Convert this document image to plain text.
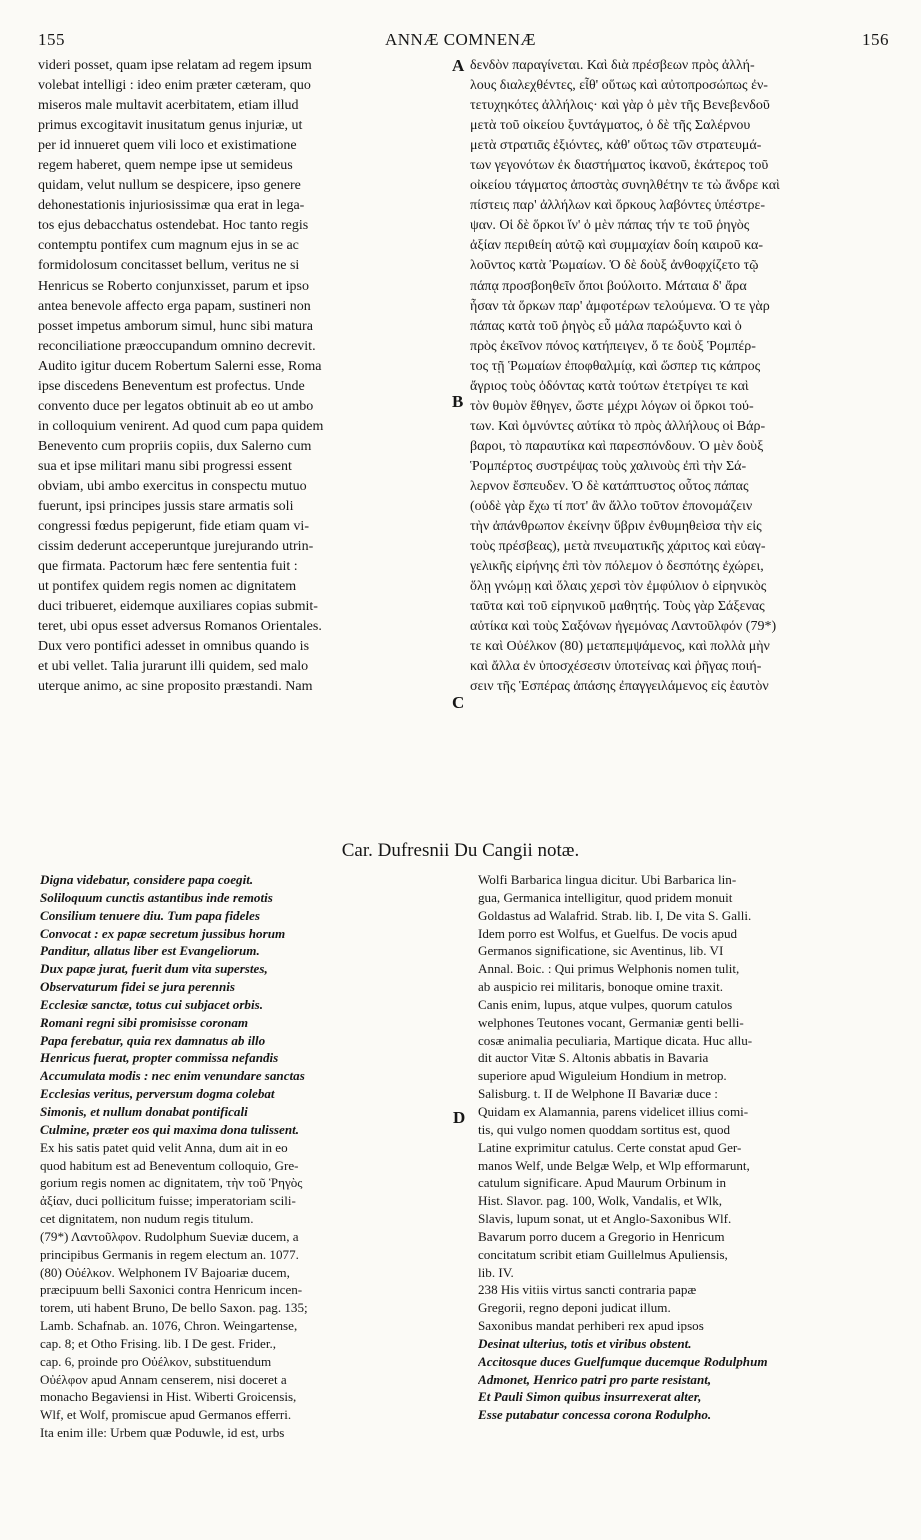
155	ANNÆ COMNENÆ	156
videri posset, quam ipse relatam ad regem ipsum
volebat intelligi : ideo enim præter cæteram, quo
miseros male multavit acerbitatem, etiam illud
primus excogitavit inusitatum genus injuriæ, ut
per id innueret quem vili loco et existimatione
regem haberet, quem nempe ipse ut semideus
quidam, velut nullum se despicere, ipso genere
dehonestationis injuriosissimæ qua erat in lega-
tos ejus debacchatus ostendebat. Hoc tanto regis
contemptu pontifex cum magnum ejus in se ac
formidolosum concitasset bellum, veritus ne si
Henricus se Roberto conjunxisset, parum et ipso
antea benevole affecto erga papam, sustineri non
posset impetus amborum simul, hunc sibi matura
reconciliatione præoccupandum omnino decrevit.
Audito igitur ducem Robertum Salerni esse, Roma
ipse discedens Beneventum est profectus. Unde
convento duce per legatos obtinuit ab eo ut ambo
in colloquium venirent. Ad quod cum papa quidem
Benevento cum propriis copiis, dux Salerno cum
sua et ipse militari manu sibi progressi essent
obviam, ubi ambo exercitus in conspectu mutuo
fuerunt, ipsi principes jussis stare armatis soli
congressi fœdus pepigerunt, fide etiam quam vi-
cissim dederunt acceperuntque jurejurando utrin-
que firmata. Pactorum hæc fere sententia fuit :
ut pontifex quidem regis nomen ac dignitatem
duci tribueret, eidemque auxiliares copias submit-
teret, ubi opus esset adversus Romanos Orientales.
Dux vero pontifici adesset in omnibus quando is
et ubi vellet. Talia jurarunt illi quidem, sed malo
uterque animo, ac sine proposito præstandi. Nam
δενδὸν παραγίνεται. Καὶ διὰ πρέσβεων πρὸς ἀλλή-
λους διαλεχθέντες, εἶθ' οὕτως καὶ αὐτοπροσώπως ἐν-
τετυχηκότες ἀλλήλοις· καὶ γὰρ ὁ μὲν τῆς Βενεβενδοῦ
μετὰ τοῦ οἰκείου ξυντάγματος, ὁ δὲ τῆς Σαλέρνου
μετὰ στρατιᾶς ἐξιόντες, κἀθ' οὕτως τῶν στρατευμά-
των γεγονότων ἐκ διαστήματος ἱκανοῦ, ἑκάτερος τοῦ
οἰκείου τάγματος ἀποστὰς συνηλθέτην τε τὼ ἄνδρε καὶ
πίστεις παρ' ἀλλήλων καὶ ὅρκους λαβόντες ὑπέστρε-
ψαν. Οἱ δὲ ὅρκοι ἵν' ὁ μὲν πάπας τήν τε τοῦ ῥηγὸς
ἀξίαν περιθείη αὐτῷ καὶ συμμαχίαν δοίη καιροῦ κα-
λοῦντος κατὰ Ῥωμαίων. Ὁ δὲ δοὺξ ἀνθοφχίζετο τῷ
πάπᾳ προσβοηθεῖν ὅποι βούλοιτο. Μάταια δ' ἄρα
ἦσαν τὰ ὅρκων παρ' ἀμφοτέρων τελούμενα. Ὁ τε γὰρ
πάπας κατὰ τοῦ ῥηγὸς εὖ μάλα παρώξυντο καὶ ὁ
πρὸς ἐκεῖνον πόνος κατήπειγεν, ὅ τε δοὺξ Ῥομπέρ-
τος τῇ Ῥωμαίων ἐποφθαλμίᾳ, καὶ ὥσπερ τις κάπρος
ἄγριος τοὺς ὀδόντας κατὰ τούτων ἐτετρίγει τε καὶ
τὸν θυμὸν ἔθηγεν, ὥστε μέχρι λόγων οἱ ὅρκοι τού-
των. Καὶ ὀμνύντες αὐτίκα τὸ πρὸς ἀλλήλους οἱ Βάρ-
βαροι, τὸ παραυτίκα καὶ παρεσπόνδουν. Ὁ μὲν δοὺξ
Ῥομπέρτος συστρέψας τοὺς χαλινοὺς ἐπὶ τὴν Σά-
λερνον ἔσπευδεν. Ὁ δὲ κατάπτυστος οὗτος πάπας
(οὐδὲ γὰρ ἔχω τί ποτ' ἂν ἄλλο τοῦτον ἐπονομάζειν
τὴν ἀπάνθρωπον ἐκείνην ὕβριν ἐνθυμηθεὶσα τὴν εἰς
τοὺς πρέσβεας), μετὰ πνευματικῆς χάριτος καὶ εὐαγ-
γελικῆς εἰρήνης ἐπὶ τὸν πόλεμον ὁ δεσπότης ἐχώρει,
ὅλῃ γνώμῃ καὶ ὅλαις χερσὶ τὸν ἐμφύλιον ὁ εἰρηνικὸς
ταῦτα καὶ τοῦ εἰρηνικοῦ μαθητής. Τοὺς γὰρ Σάξενας
αὐτίκα καὶ τοὺς Σαξόνων ἡγεμόνας Λαντοῦλφόν (79*)
τε καὶ Οὐέλκον (80) μεταπεμψάμενος, καὶ πολλὰ μὴν
καὶ ἄλλα ἐν ὑποσχέσεσιν ὑποτείνας καὶ ῥῆγας ποιή-
σειν τῆς Ἑσπέρας ἁπάσης ἐπαγγειλάμενος εἰς ἑαυτὸν
A
B
C
D
Car. Dufresnii Du Cangii notæ.
Digna videbatur, considere papa coegit.
Soliloquum cunctis astantibus inde remotis
Consilium tenuere diu. Tum papa fideles
Convocat : ex papæ secretum jussibus horum
Panditur, allatus liber est Evangeliorum.
Dux papæ jurat, fuerit dum vita superstes,
Observaturum fidei se jura perennis
Ecclesiæ sanctæ, totus cui subjacet orbis.
Romani regni sibi promisisse coronam
Papa ferebatur, quia rex damnatus ab illo
Henricus fuerat, propter commissa nefandis
Accumulata modis : nec enim venundare sanctas
Ecclesias veritus, perversum dogma colebat
Simonis, et nullum donabat pontificali
Culmine, præter eos qui maxima dona tulissent.
Ex his satis patet quid velit Anna, dum ait in eo
quod habitum est ad Beneventum colloquio, Gre-
gorium regis nomen ac dignitatem, τὴν τοῦ Ῥηγὸς
ἀξίαν, duci pollicitum fuisse; imperatoriam scili-
cet dignitatem, non nudum regis titulum.
(79*) Λαντοῦλφον. Rudolphum Sueviæ ducem, a
principibus Germanis in regem electum an. 1077.
(80) Οὐέλκον. Welphonem IV Bajoariæ ducem,
præcipuum belli Saxonici contra Henricum incen-
torem, uti habent Bruno, De bello Saxon. pag. 135;
Lamb. Schafnab. an. 1076, Chron. Weingartense,
cap. 8; et Otho Frising. lib. I De gest. Frider.,
cap. 6, proinde pro Οὐέλκον, substituendum
Οὐέλφον apud Annam censerem, nisi doceret a
monacho Begaviensi in Hist. Wiberti Groicensis,
Wlf, et Wolf, promiscue apud Germanos efferri.
Ita enim ille: Urbem quæ Poduwle, id est, urbs
Wolfi Barbarica lingua dicitur. Ubi Barbarica lin-
gua, Germanica intelligitur, quod pridem monuit
Goldastus ad Walafrid. Strab. lib. I, De vita S. Galli.
Idem porro est Wolfus, et Guelfus. De vocis apud
Germanos significatione, sic Aventinus, lib. VI
Annal. Boic. : Qui primus Welphonis nomen tulit,
ab auspicio rei militaris, bonoque omine traxit.
Canis enim, lupus, atque vulpes, quorum catulos
welphones Teutones vocant, Germaniæ genti belli-
cosæ animalia peculiaria, Martique dicata. Huc allu-
dit auctor Vitæ S. Altonis abbatis in Bavaria
superiore apud Wiguleium Hondium in metrop.
Salisburg. t. II de Welphone II Bavariæ duce :
Quidam ex Alamannia, parens videlicet illius comi-
tis, qui vulgo nomen quoddam sortitus est, quod
Latine exprimitur catulus. Certe constat apud Ger-
manos Welf, unde Belgæ Welp, et Wlp efformarunt,
catulum significare. Apud Maurum Orbinum in
Hist. Slavor. pag. 100, Wolk, Vandalis, et Wlk,
Slavis, lupum sonat, ut et Anglo-Saxonibus Wlf.
Bavarum porro ducem a Gregorio in Henricum
concitatum scribit etiam Guillelmus Apuliensis,
lib. IV.
238 His vitiis virtus sancti contraria papæ
Gregorii, regno deponi judicat illum.
Saxonibus mandat perhiberi rex apud ipsos
Desinat ulterius, totis et viribus obstent.
Accitosque duces Guelfumque ducemque Rodulphum
Admonet, Henrico patri pro parte resistant,
Et Pauli Simon quibus insurrexerat alter,
Esse putabatur concessa corona Rodulpho.
